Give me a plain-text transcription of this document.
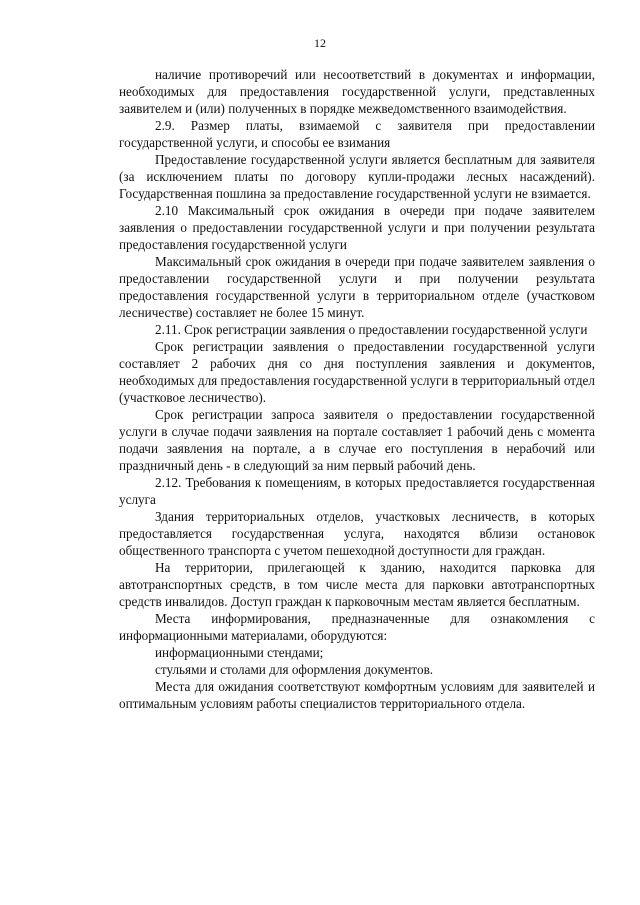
12

наличие противоречий или несоответствий в документах и информации, необходимых для предоставления государственной услуги, представленных заявителем и (или) полученных в порядке межведомственного взаимодействия.

2.9. Размер платы, взимаемой с заявителя при предоставлении государственной услуги, и способы ее взимания

Предоставление государственной услуги является бесплатным для заявителя (за исключением платы по договору купли-продажи лесных насаждений). Государственная пошлина за предоставление государственной услуги не взимается.

2.10 Максимальный срок ожидания в очереди при подаче заявителем заявления о предоставлении государственной услуги и при получении результата предоставления государственной услуги

Максимальный срок ожидания в очереди при подаче заявителем заявления о предоставлении государственной услуги и при получении результата предоставления государственной услуги в территориальном отделе (участковом лесничестве) составляет не более 15 минут.

2.11. Срок регистрации заявления о предоставлении государственной услуги

Срок регистрации заявления о предоставлении государственной услуги составляет 2 рабочих дня со дня поступления заявления и документов, необходимых для предоставления государственной услуги в территориальный отдел (участковое лесничество).

Срок регистрации запроса заявителя о предоставлении государственной услуги в случае подачи заявления на портале составляет 1 рабочий день с момента подачи заявления на портале, а в случае его поступления в нерабочий или праздничный день - в следующий за ним первый рабочий день.

2.12. Требования к помещениям, в которых предоставляется государственная услуга

Здания территориальных отделов, участковых лесничеств, в которых предоставляется государственная услуга, находятся вблизи остановок общественного транспорта с учетом пешеходной доступности для граждан.

На территории, прилегающей к зданию, находится парковка для автотранспортных средств, в том числе места для парковки автотранспортных средств инвалидов. Доступ граждан к парковочным местам является бесплатным.

Места информирования, предназначенные для ознакомления с информационными материалами, оборудуются:

информационными стендами;

стульями и столами для оформления документов.

Места для ожидания соответствуют комфортным условиям для заявителей и оптимальным условиям работы специалистов территориального отдела.
